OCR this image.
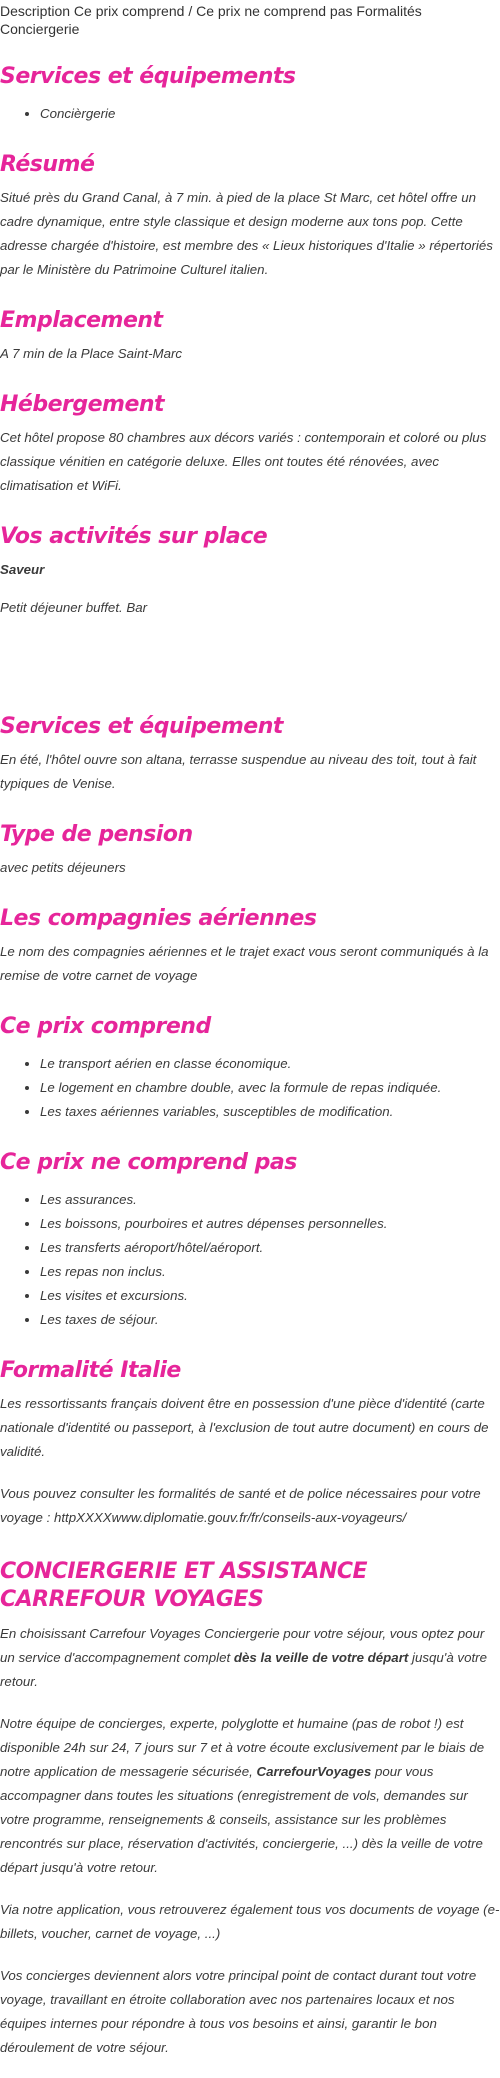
Description Ce prix comprend / Ce prix ne comprend pas Formalités Conciergerie
Services et équipements
• Concièrgerie
Résumé

Situé près du Grand Canal, à 7 min. à pied de la place St Marc, cet hôtel offre un cadre dynamique, entre style classique et design moderne aux tons pop. Cette adresse chargée d'histoire, est membre des « Lieux historiques d'Italie » répertoriés par le Ministère du Patrimoine Culturel italien.

Emplacement

A 7 min de la Place Saint-Marc

Hébergement

Cet hôtel propose 80 chambres aux décors variés : contemporain et coloré ou plus classique vénitien en catégorie deluxe. Elles ont toutes été rénovées, avec climatisation et WiFi.

Vos activités sur place

Saveur

Petit déjeuner buffet. Bar

Services et équipement

En été, l'hôtel ouvre son altana, terrasse suspendue au niveau des toit, tout à fait typiques de Venise.

Type de pension

avec petits déjeuners

Les compagnies aériennes

Le nom des compagnies aériennes et le trajet exact vous seront communiqués à la remise de votre carnet de voyage

Ce prix comprend
• Le transport aérien en classe économique.
• Le logement en chambre double, avec la formule de repas indiquée.
• Les taxes aériennes variables, susceptibles de modification.
Ce prix ne comprend pas
• Les assurances.
• Les boissons, pourboires et autres dépenses personnelles.
• Les transferts aéroport/hôtel/aéroport.
• Les repas non inclus.
• Les visites et excursions.
• Les taxes de séjour.
Formalité Italie

Les ressortissants français doivent être en possession d'une pièce d'identité (carte nationale d'identité ou passeport, à l'exclusion de tout autre document) en cours de validité.

Vous pouvez consulter les formalités de santé et de police nécessaires pour votre voyage : httpXXXXwww.diplomatie.gouv.fr/fr/conseils-aux-voyageurs/

CONCIERGERIE ET ASSISTANCE CARREFOUR VOYAGES

En choisissant Carrefour Voyages Conciergerie pour votre séjour, vous optez pour un service d'accompagnement complet dès la veille de votre départ jusqu'à votre retour.

Notre équipe de concierges, experte, polyglotte et humaine (pas de robot !) est disponible 24h sur 24, 7 jours sur 7 et à votre écoute exclusivement par le biais de notre application de messagerie sécurisée, CarrefourVoyages pour vous accompagner dans toutes les situations (enregistrement de vols, demandes sur votre programme, renseignements & conseils, assistance sur les problèmes rencontrés sur place, réservation d'activités, conciergerie, ...) dès la veille de votre départ jusqu'à votre retour.

Via notre application, vous retrouverez également tous vos documents de voyage (e-billets, voucher, carnet de voyage, ...)

Vos concierges deviennent alors votre principal point de contact durant tout votre voyage, travaillant en étroite collaboration avec nos partenaires locaux et nos équipes internes pour répondre à tous vos besoins et ainsi, garantir le bon déroulement de votre séjour.
